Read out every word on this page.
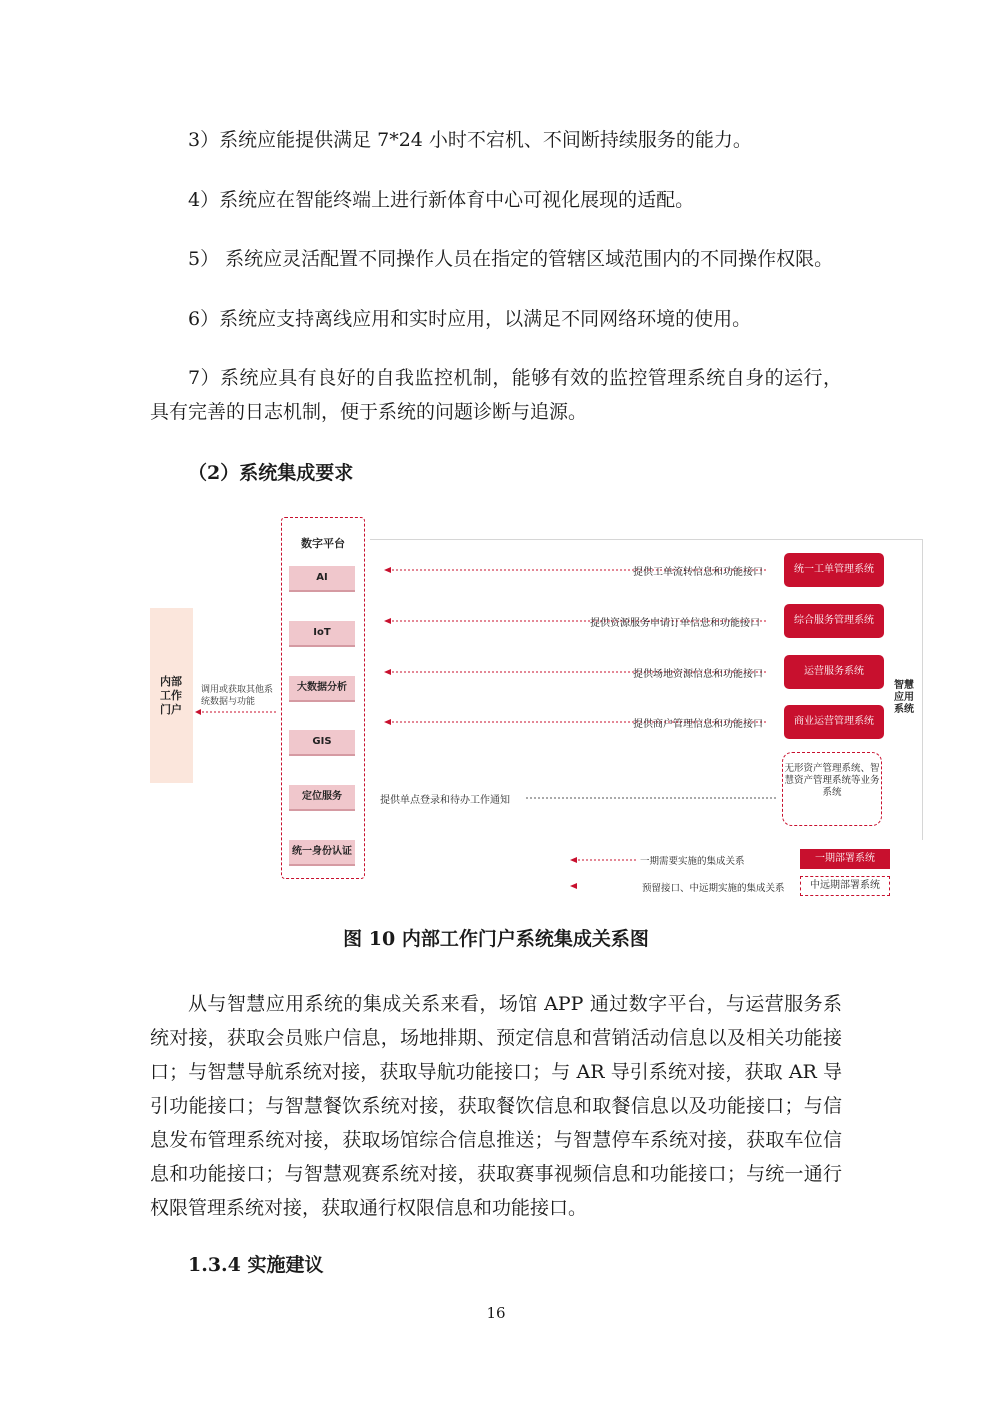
3）系统应能提供满足 7*24 小时不宕机、不间断持续服务的能力。

4）系统应在智能终端上进行新体育中心可视化展现的适配。

5） 系统应灵活配置不同操作人员在指定的管辖区域范围内的不同操作权限。

6）系统应支持离线应用和实时应用，以满足不同网络环境的使用。

7）系统应具有良好的自我监控机制，能够有效的监控管理系统自身的运行，具有完善的日志机制，便于系统的问题诊断与追源。

（2）系统集成要求
内部工作门户
调用或获取其他系统数据与功能
数字平台
AI
IoT
大数据分析
GIS
定位服务
统一身份认证
提供工单流转信息和功能接口
提供资源服务申请订单信息和功能接口
提供场地资源信息和功能接口
提供商户管理信息和功能接口
提供单点登录和待办工作通知
统一工单管理系统
综合服务管理系统
运营服务系统
商业运营管理系统
无形资产管理系统、智慧资产管理系统等业务系统
智慧应用系统
一期需要实施的集成关系	一期部署系统
预留接口、中远期实施的集成关系	中远期部署系统
图 10 内部工作门户系统集成关系图

从与智慧应用系统的集成关系来看，场馆 APP 通过数字平台，与运营服务系统对接，获取会员账户信息，场地排期、预定信息和营销活动信息以及相关功能接口；与智慧导航系统对接，获取导航功能接口；与 AR 导引系统对接，获取 AR 导引功能接口；与智慧餐饮系统对接，获取餐饮信息和取餐信息以及功能接口；与信息发布管理系统对接，获取场馆综合信息推送；与智慧停车系统对接，获取车位信息和功能接口；与智慧观赛系统对接，获取赛事视频信息和功能接口；与统一通行权限管理系统对接，获取通行权限信息和功能接口。

1.3.4 实施建议
16
